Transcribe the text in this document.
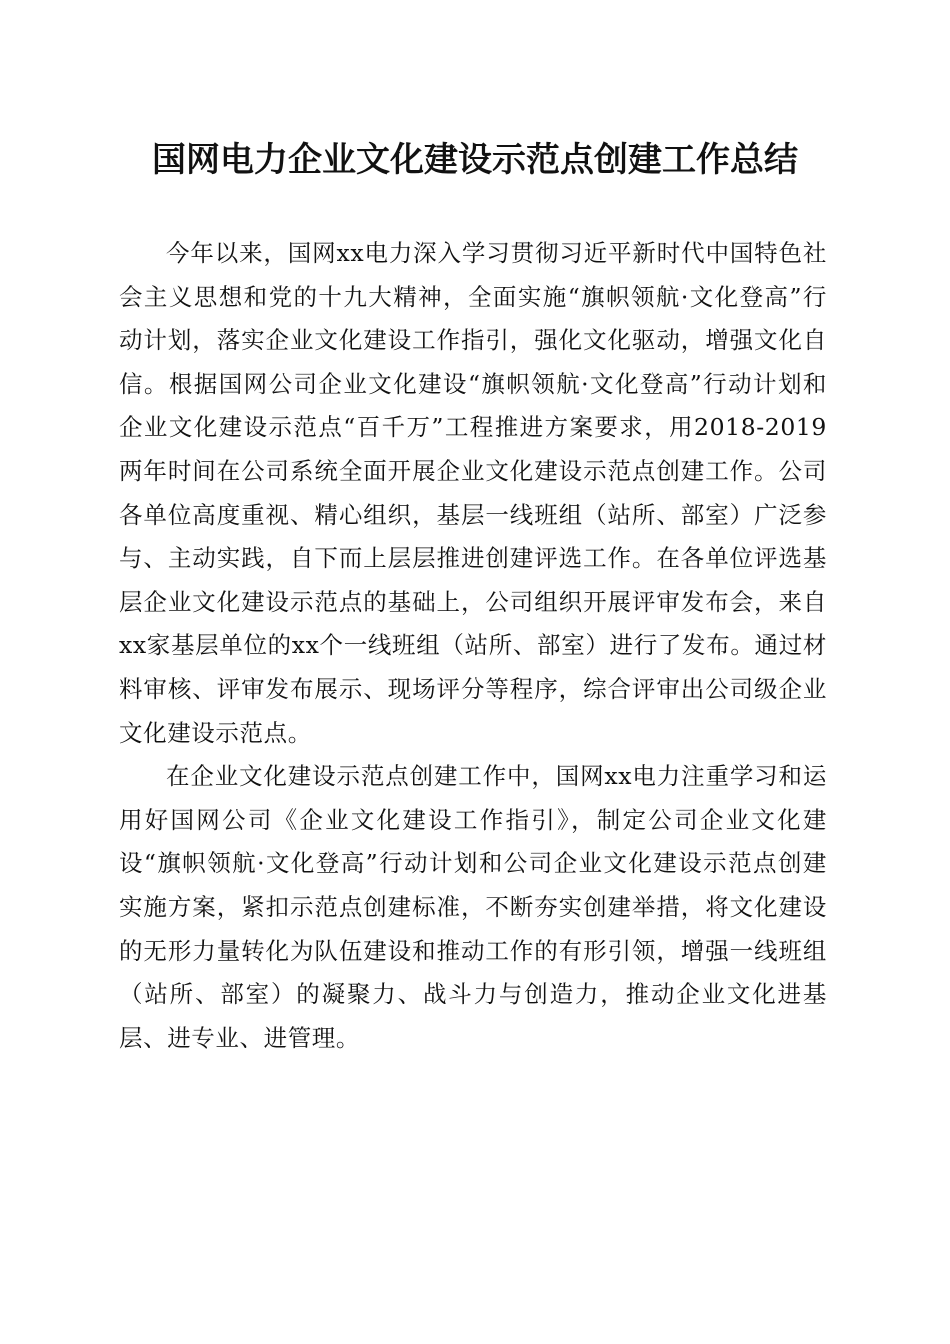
国网电力企业文化建设示范点创建工作总结

今年以来，国网xx电力深入学习贯彻习近平新时代中国特色社会主义思想和党的十九大精神，全面实施“旗帜领航·文化登高”行动计划，落实企业文化建设工作指引，强化文化驱动，增强文化自信。根据国网公司企业文化建设“旗帜领航·文化登高”行动计划和企业文化建设示范点“百千万”工程推进方案要求，用2018-2019两年时间在公司系统全面开展企业文化建设示范点创建工作。公司各单位高度重视、精心组织，基层一线班组（站所、部室）广泛参与、主动实践，自下而上层层推进创建评选工作。在各单位评选基层企业文化建设示范点的基础上，公司组织开展评审发布会，来自xx家基层单位的xx个一线班组（站所、部室）进行了发布。通过材料审核、评审发布展示、现场评分等程序，综合评审出公司级企业文化建设示范点。

在企业文化建设示范点创建工作中，国网xx电力注重学习和运用好国网公司《企业文化建设工作指引》，制定公司企业文化建设“旗帜领航·文化登高”行动计划和公司企业文化建设示范点创建实施方案，紧扣示范点创建标准，不断夯实创建举措，将文化建设的无形力量转化为队伍建设和推动工作的有形引领，增强一线班组（站所、部室）的凝聚力、战斗力与创造力，推动企业文化进基层、进专业、进管理。
